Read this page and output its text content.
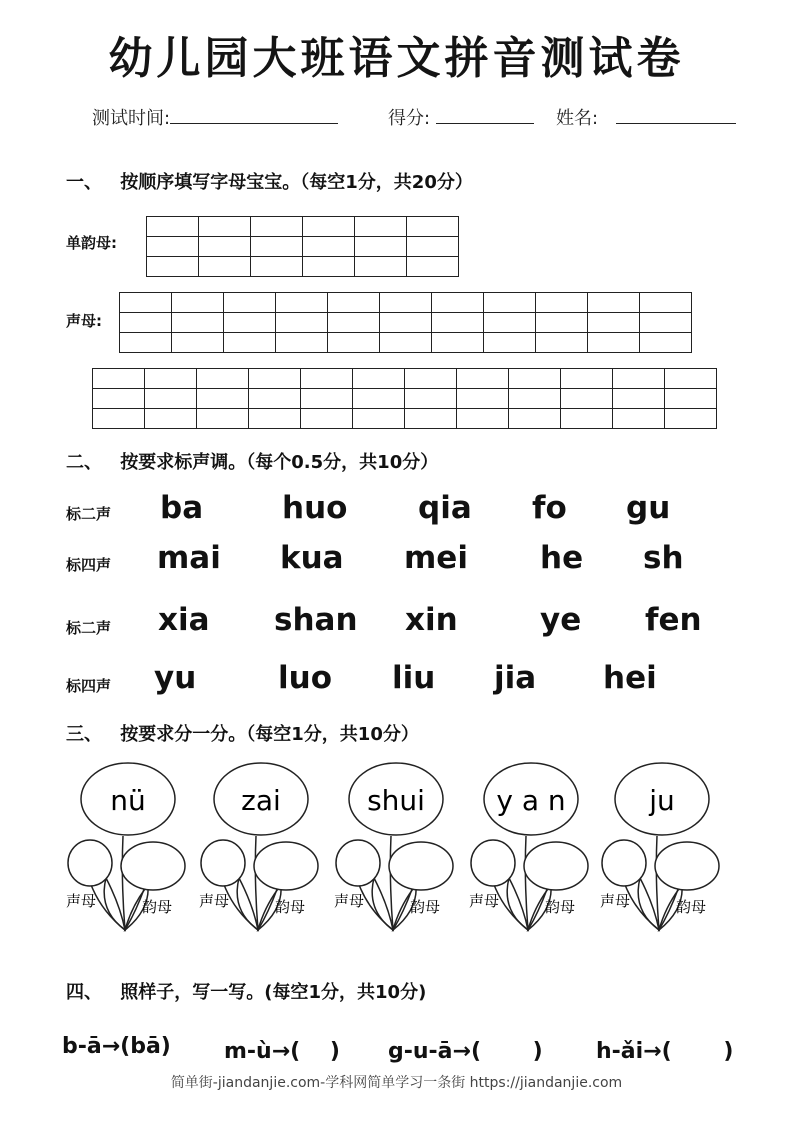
幼儿园大班语文拼音测试卷
测试时间:	得分:	姓名:
一、 按顺序填写字母宝宝。（每空1分，共20分）
单韵母:

声母:

二、 按要求标声调。（每个0.5分，共10分）
标二声 ba	huo qia fo gu
标四声 mai kua mei he sh
标二声 xia shan xin	ye fen
标四声 yu	luo liu jia hei
三、 按要求分一分。（每空1分，共10分）
nü
声母	韵母
zai
声母	韵母
shui
声母	韵母
y a n
声母	韵母
ju
声母	韵母
四、 照样子，写一写。(每空1分，共10分)
b-ā→(bā) m-ù→(　 ) g-u-ā→(　 　) h-ǎi→(　 　)
简单街-jiandanjie.com-学科网简单学习一条街 https://jiandanjie.com
